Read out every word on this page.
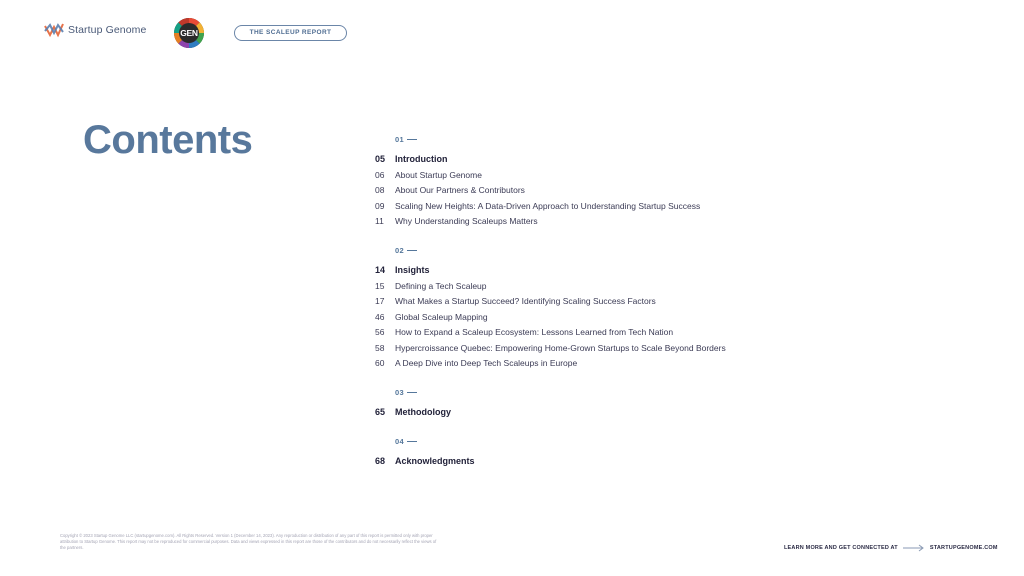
Startup Genome	GEN	THE SCALEUP REPORT
Contents	01
05	Introduction
06	About Startup Genome
08	About Our Partners & Contributors
09	Scaling New Heights: A Data-Driven Approach to Understanding Startup Success
11	Why Understanding Scaleups Matters
02
14	Insights
15	Defining a Tech Scaleup
17	What Makes a Startup Succeed? Identifying Scaling Success Factors
46	Global Scaleup Mapping
56	How to Expand a Scaleup Ecosystem: Lessons Learned from Tech Nation
58	Hypercroissance Quebec: Empowering Home-Grown Startups to Scale Beyond Borders
60	A Deep Dive into Deep Tech Scaleups in Europe
03
65	Methodology
04
68	Acknowledgments
Copyright © 2023 Startup Genome LLC (startupgenome.com). All Rights Reserved. Version 1 (December 14, 2023). Any reproduction or distribution of any part of this report is permitted only with proper attribution to Startup Genome. This report may not be reproduced for commercial purposes. Data and views expressed in this report are those of the contributors and do not necessarily reflect the views of the partners.	LEARN MORE AND GET CONNECTED AT	STARTUPGENOME.COM
